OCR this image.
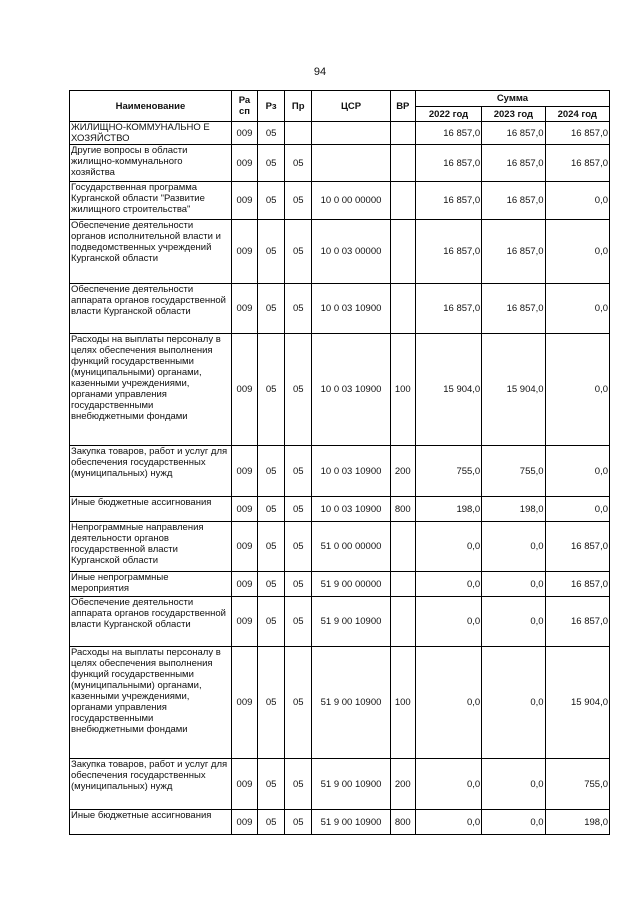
94
Наименование	Ра сп	Рз	Пр	ЦСР	ВР	Сумма		
						2022 год	2023 год	2024 год
ЖИЛИЩНО-КОММУНАЛЬНО Е ХОЗЯЙСТВО	009	05				16 857,0	16 857,0	16 857,0
Другие вопросы в области жилищно-коммунального хозяйства	009	05	05			16 857,0	16 857,0	16 857,0
Государственная программа Курганской области "Развитие жилищного строительства"	009	05	05	10 0 00 00000		16 857,0	16 857,0	0,0
Обеспечение деятельности органов исполнительной власти и подведомственных учреждений Курганской области	009	05	05	10 0 03 00000		16 857,0	16 857,0	0,0
Обеспечение деятельности аппарата органов государственной власти Курганской области	009	05	05	10 0 03 10900		16 857,0	16 857,0	0,0
Расходы на выплаты персоналу в целях обеспечения выполнения функций государственными (муниципальными) органами, казенными учреждениями, органами управления государственными внебюджетными фондами	009	05	05	10 0 03 10900	100	15 904,0	15 904,0	0,0
Закупка товаров, работ и услуг для обеспечения государственных (муниципальных) нужд	009	05	05	10 0 03 10900	200	755,0	755,0	0,0
Иные бюджетные ассигнования	009	05	05	10 0 03 10900	800	198,0	198,0	0,0
Непрограммные направления деятельности органов государственной власти Курганской области	009	05	05	51 0 00 00000		0,0	0,0	16 857,0
Иные непрограммные мероприятия	009	05	05	51 9 00 00000		0,0	0,0	16 857,0
Обеспечение деятельности аппарата органов государственной власти Курганской области	009	05	05	51 9 00 10900		0,0	0,0	16 857,0
Расходы на выплаты персоналу в целях обеспечения выполнения функций государственными (муниципальными) органами, казенными учреждениями, органами управления государственными внебюджетными фондами	009	05	05	51 9 00 10900	100	0,0	0,0	15 904,0
Закупка товаров, работ и услуг для обеспечения государственных (муниципальных) нужд	009	05	05	51 9 00 10900	200	0,0	0,0	755,0
Иные бюджетные ассигнования	009	05	05	51 9 00 10900	800	0,0	0,0	198,0
